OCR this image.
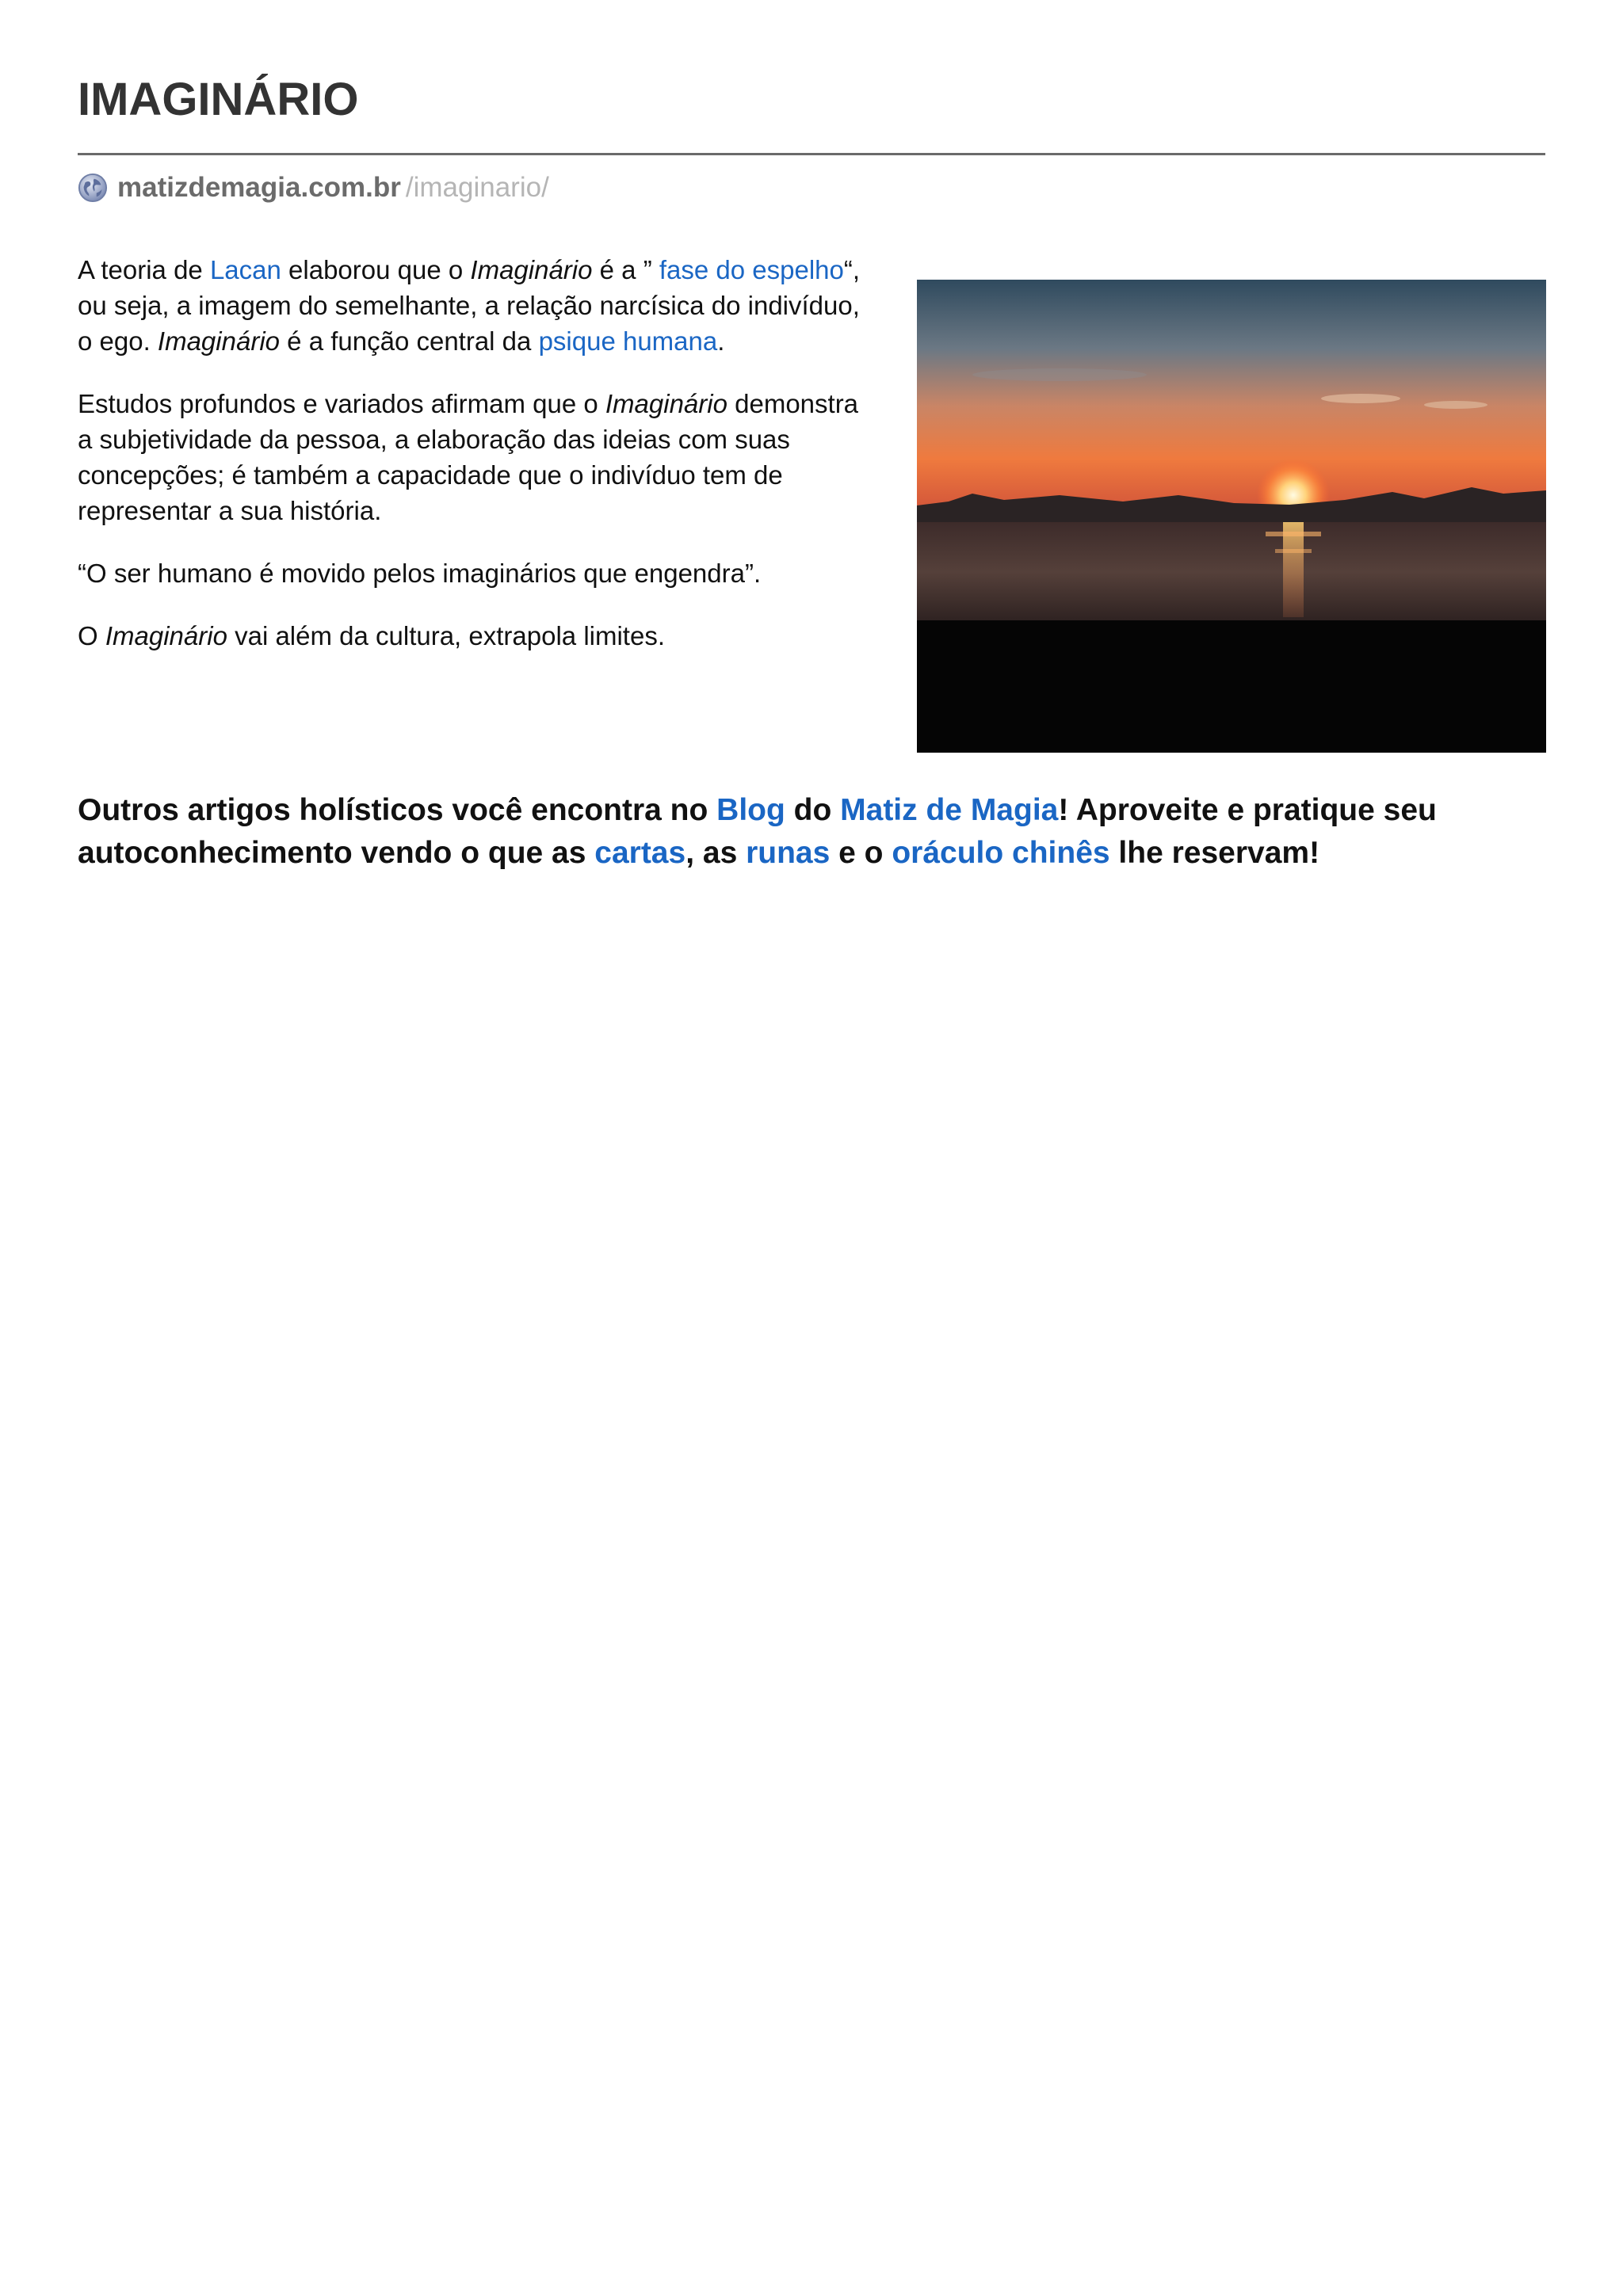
IMAGINÁRIO
matizdemagia.com.br /imaginario/

A teoria de Lacan elaborou que o Imaginário é a ” fase do espelho“, ou seja, a imagem do semelhante, a relação narcísica do indivíduo, o ego. Imaginário é a função central da psique humana.

Estudos profundos e variados afirmam que o Imaginário demonstra a subjetividade da pessoa, a elaboração das ideias com suas concepções; é também a capacidade que o indivíduo tem de representar a sua história.

“O ser humano é movido pelos imaginários que engendra”.

O Imaginário vai além da cultura, extrapola limites.

Outros artigos holísticos você encontra no Blog do Matiz de Magia! Aproveite e pratique seu autoconhecimento vendo o que as cartas, as runas e o oráculo chinês lhe reservam!
